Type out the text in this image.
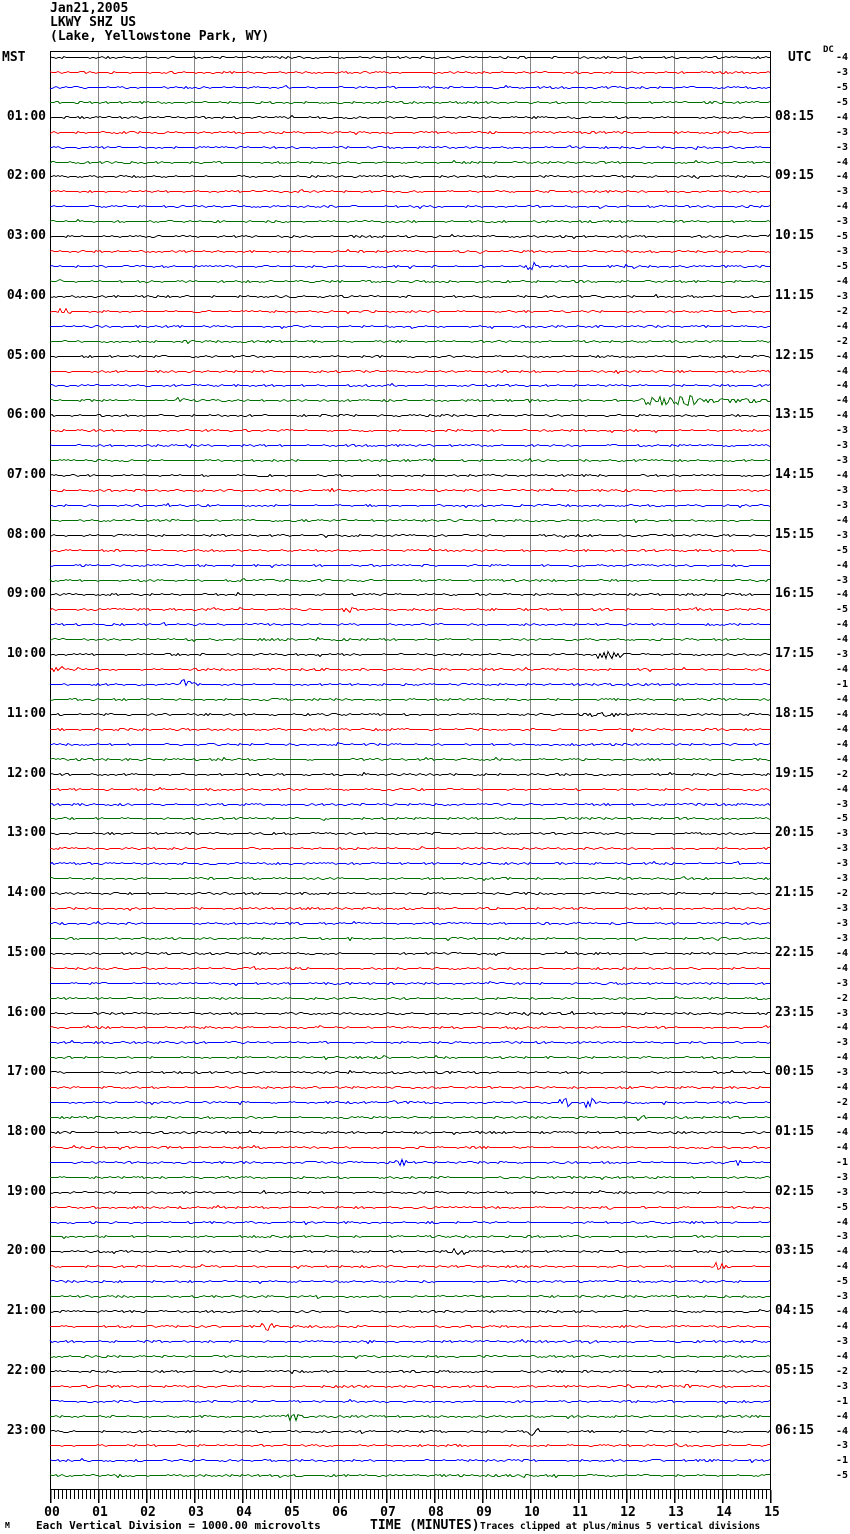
Jan21,2005
LKWY SHZ US
(Lake, Yellowstone Park, WY)
MST	UTC DC
00 01 02 03 04 05 06 07 08 09 10 11 12 13 14 15
01:00	08:15
02:00	09:15
03:00	10:15
04:00	11:15
05:00	12:15
06:00	13:15
07:00	14:15
08:00	15:15
09:00	16:15
10:00	17:15
11:00	18:15
12:00	19:15
13:00	20:15
14:00	21:15
15:00	22:15
16:00	23:15
17:00	00:15
18:00	01:15
19:00	02:15
20:00	03:15
21:00	04:15
22:00	05:15
23:00	06:15
-4
-3
-5
-5
-4
-3
-3
-4
-4
-3
-4
-3
-5
-3
-5
-4
-3
-2
-4
-2
-4
-4
-4
-4
-4
-3
-3
-3
-4
-3
-3
-4
-3
-5
-4
-3
-4
-5
-4
-4
-3
-4
-1
-4
-4
-4
-4
-4
-2
-4
-3
-5
-3
-3
-3
-3
-2
-3
-3
-3
-4
-4
-3
-2
-3
-4
-3
-4
-3
-4
-2
-4
-4
-4
-1
-3
-3
-5
-4
-3
-4
-4
-5
-3
-4
-4
-3
-4
-2
-3
-1
-4
-4
-3
-1
-5
TIME (MINUTES)
Each Vertical Division = 1000.00 microvolts	Traces clipped at plus/minus 5 vertical divisions
M
